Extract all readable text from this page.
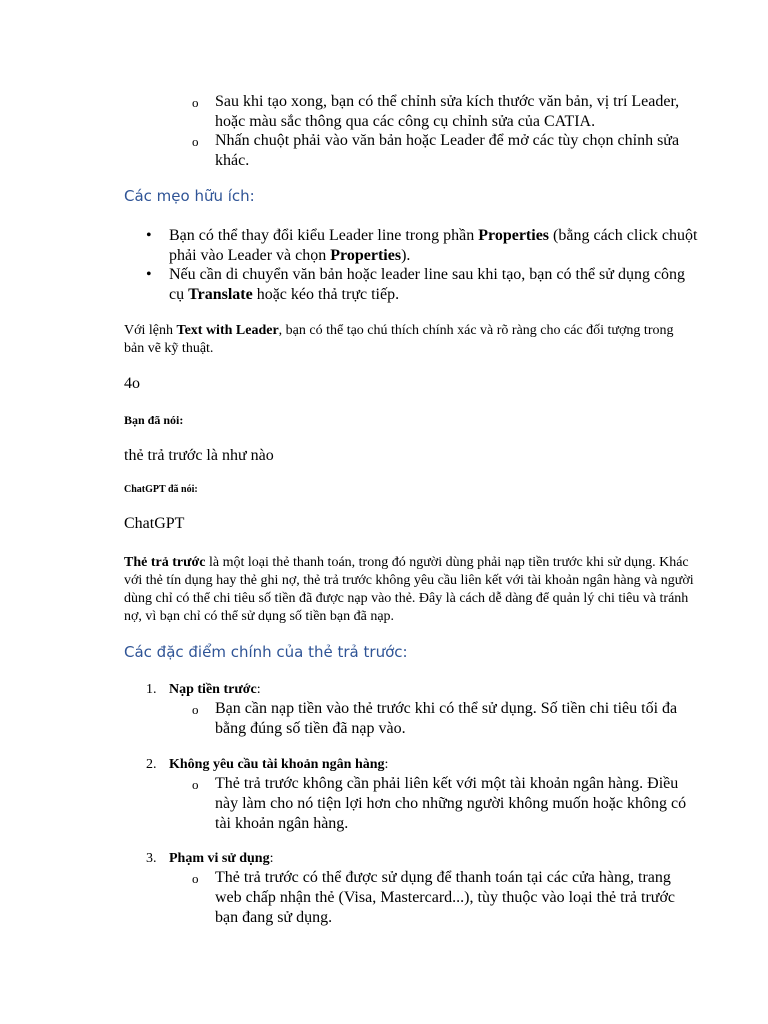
o Sau khi tạo xong, bạn có thể chỉnh sửa kích thước văn bản, vị trí Leader, hoặc màu sắc thông qua các công cụ chỉnh sửa của CATIA.
o Nhấn chuột phải vào văn bản hoặc Leader để mở các tùy chọn chỉnh sửa khác.
Các mẹo hữu ích:
• Bạn có thể thay đổi kiểu Leader line trong phần Properties (bằng cách click chuột phải vào Leader và chọn Properties).
• Nếu cần di chuyển văn bản hoặc leader line sau khi tạo, bạn có thể sử dụng công cụ Translate hoặc kéo thả trực tiếp.
Với lệnh Text with Leader, bạn có thể tạo chú thích chính xác và rõ ràng cho các đối tượng trong bản vẽ kỹ thuật.
4o
Bạn đã nói:
thẻ trả trước là như nào
ChatGPT đã nói:
ChatGPT
Thẻ trả trước là một loại thẻ thanh toán, trong đó người dùng phải nạp tiền trước khi sử dụng. Khác với thẻ tín dụng hay thẻ ghi nợ, thẻ trả trước không yêu cầu liên kết với tài khoản ngân hàng và người dùng chỉ có thể chi tiêu số tiền đã được nạp vào thẻ. Đây là cách dễ dàng để quản lý chi tiêu và tránh nợ, vì bạn chỉ có thể sử dụng số tiền bạn đã nạp.
Các đặc điểm chính của thẻ trả trước:
1. Nạp tiền trước:
o Bạn cần nạp tiền vào thẻ trước khi có thể sử dụng. Số tiền chi tiêu tối đa bằng đúng số tiền đã nạp vào.
2. Không yêu cầu tài khoản ngân hàng:
o Thẻ trả trước không cần phải liên kết với một tài khoản ngân hàng. Điều này làm cho nó tiện lợi hơn cho những người không muốn hoặc không có tài khoản ngân hàng.
3. Phạm vi sử dụng:
o Thẻ trả trước có thể được sử dụng để thanh toán tại các cửa hàng, trang web chấp nhận thẻ (Visa, Mastercard...), tùy thuộc vào loại thẻ trả trước bạn đang sử dụng.
